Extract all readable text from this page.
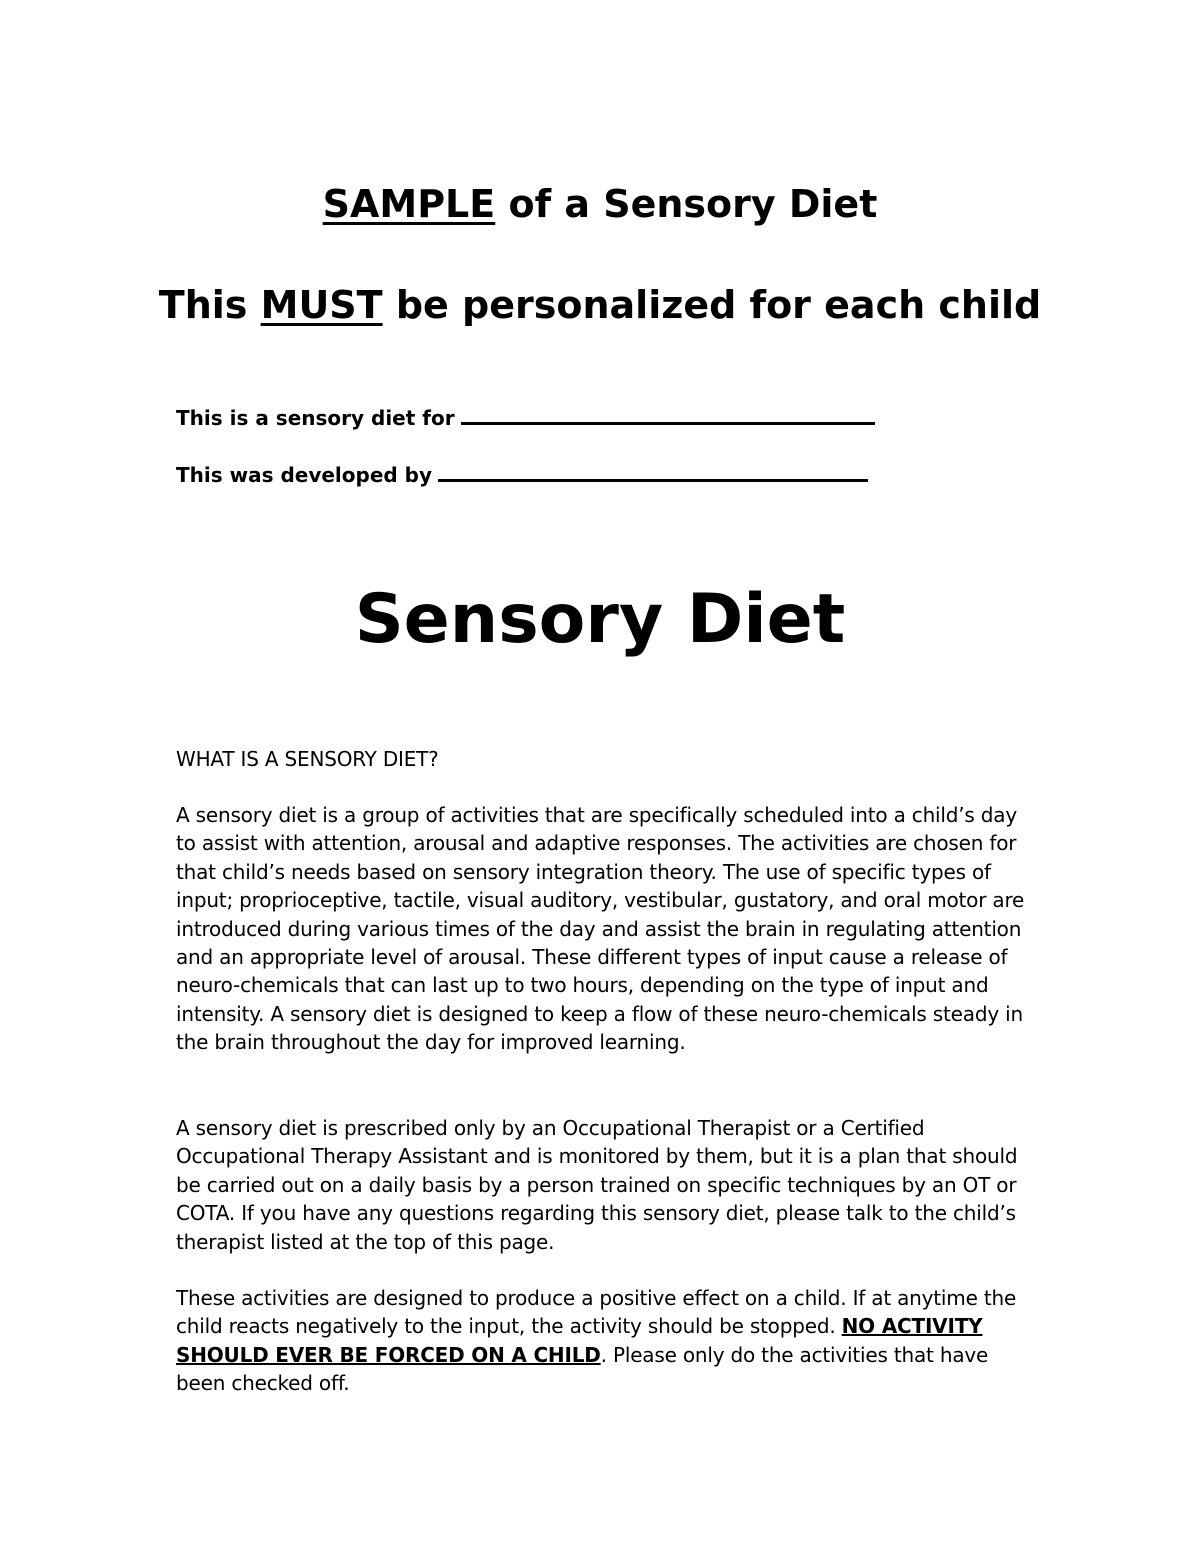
SAMPLE of a Sensory Diet
This MUST be personalized for each child
This is a sensory diet for
This was developed by
Sensory Diet
WHAT IS A SENSORY DIET?
A sensory diet is a group of activities that are specifically scheduled into a child’s day to assist with attention, arousal and adaptive responses. The activities are chosen for that child’s needs based on sensory integration theory. The use of specific types of input; proprioceptive, tactile, visual auditory, vestibular, gustatory, and oral motor are introduced during various times of the day and assist the brain in regulating attention and an appropriate level of arousal. These different types of input cause a release of neuro-chemicals that can last up to two hours, depending on the type of input and intensity. A sensory diet is designed to keep a flow of these neuro-chemicals steady in the brain throughout the day for improved learning.
A sensory diet is prescribed only by an Occupational Therapist or a Certified Occupational Therapy Assistant and is monitored by them, but it is a plan that should be carried out on a daily basis by a person trained on specific techniques by an OT or COTA. If you have any questions regarding this sensory diet, please talk to the child’s therapist listed at the top of this page.
These activities are designed to produce a positive effect on a child. If at anytime the child reacts negatively to the input, the activity should be stopped. NO ACTIVITY SHOULD EVER BE FORCED ON A CHILD. Please only do the activities that have been checked off.
